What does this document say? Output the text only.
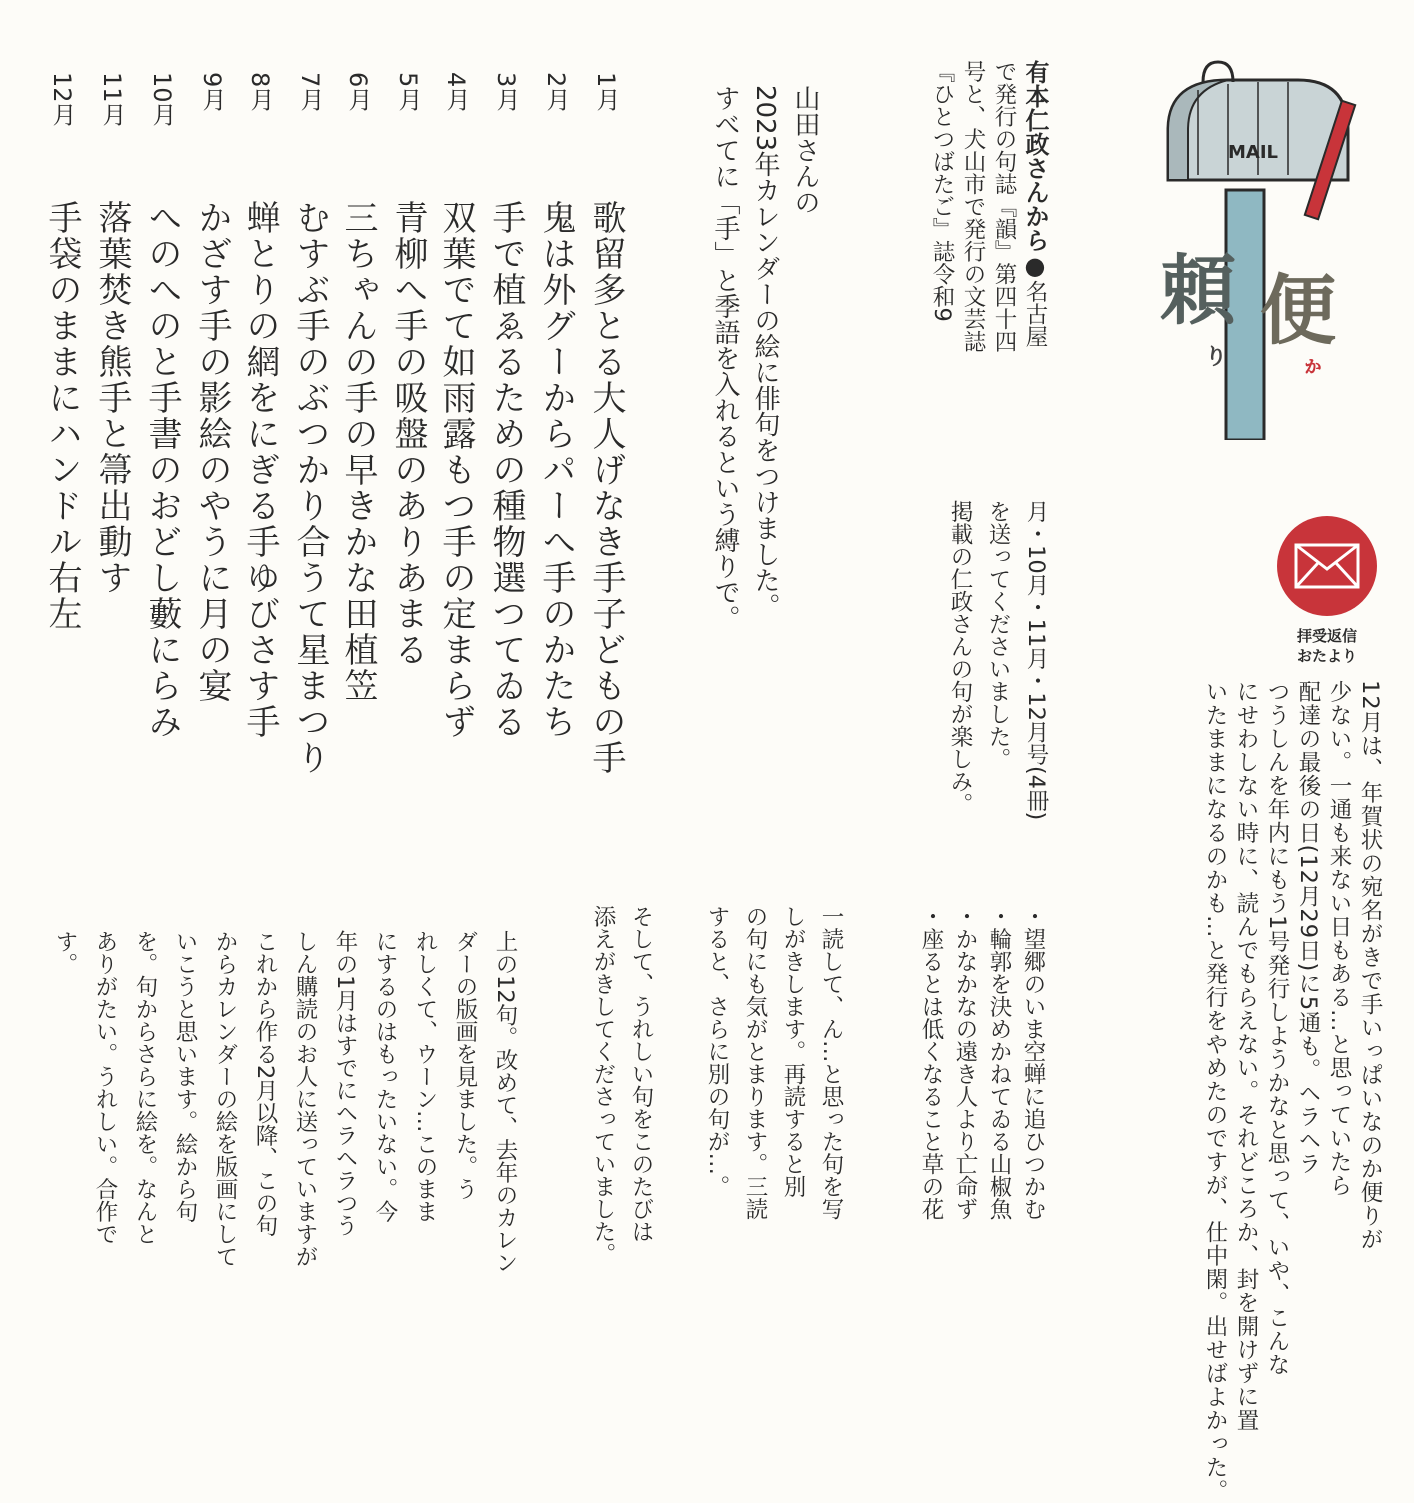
MAIL
頼 便
り	ゕ
拝受返信
おたより

12月は、年賀状の宛名がきで手いっぱいなのか便りが
少ない。一通も来ない日もある…と思っていたら
配達の最後の日(12月29日)に5通も。ヘラヘラ
つうしんを年内にもう1号発行しようかなと思って、いや、こんな
にせわしない時に、読んでもらえない。それどころか、封を開けずに置
いたままになるのかも…と発行をやめたのですが、仕中閑。出せばよかった。

有本仁政さんから●名古屋
で発行の句誌『韻』第四十四
号と、犬山市で発行の文芸誌
『ひとつばたご』誌令和9

月・10月・11月・12月号(4冊)
を送ってくださいました。
掲載の仁政さんの句が楽しみ。

・望郷のいま空蝉に追ひつかむ
・輪郭を決めかねてゐる山椒魚
・かなかなの遠き人より亡命ず
・座るとは低くなること草の花

一読して、ん…と思った句を写
しがきします。再読すると別
の句にも気がとまります。三読
すると、さらに別の句が…。

そして、うれしい句をこのたびは
添えがきしてくださっていました。

山田さんの
2023年カレンダーの絵に俳句をつけました。
すべてに「手」と季語を入れるという縛りで。

1月
歌留多とる大人げなき手子どもの手
2月
鬼は外グーからパーへ手のかたち
3月
手で植ゑるための種物選つてゐる
4月
双葉でて如雨露もつ手の定まらず
5月
青柳へ手の吸盤のありあまる
6月
三ちゃんの手の早きかな田植笠
7月
むすぶ手のぶつかり合うて星まつり
8月
蝉とりの網をにぎる手ゆびさす手
9月
かざす手の影絵のやうに月の宴
10月
へのへのと手書のおどし藪にらみ
11月
落葉焚き熊手と箒出動す
12月
手袋のままにハンドル右左

上の12句。改めて、去年のカレン
ダーの版画を見ました。う
れしくて、ウーン…このまま
にするのはもったいない。今
年の1月はすでにヘラヘラつう
しん購読のお人に送っていますが
これから作る2月以降、この句
からカレンダーの絵を版画にして
いこうと思います。絵から句
を。句からさらに絵を。なんと
ありがたい。うれしい。合作で
す。
